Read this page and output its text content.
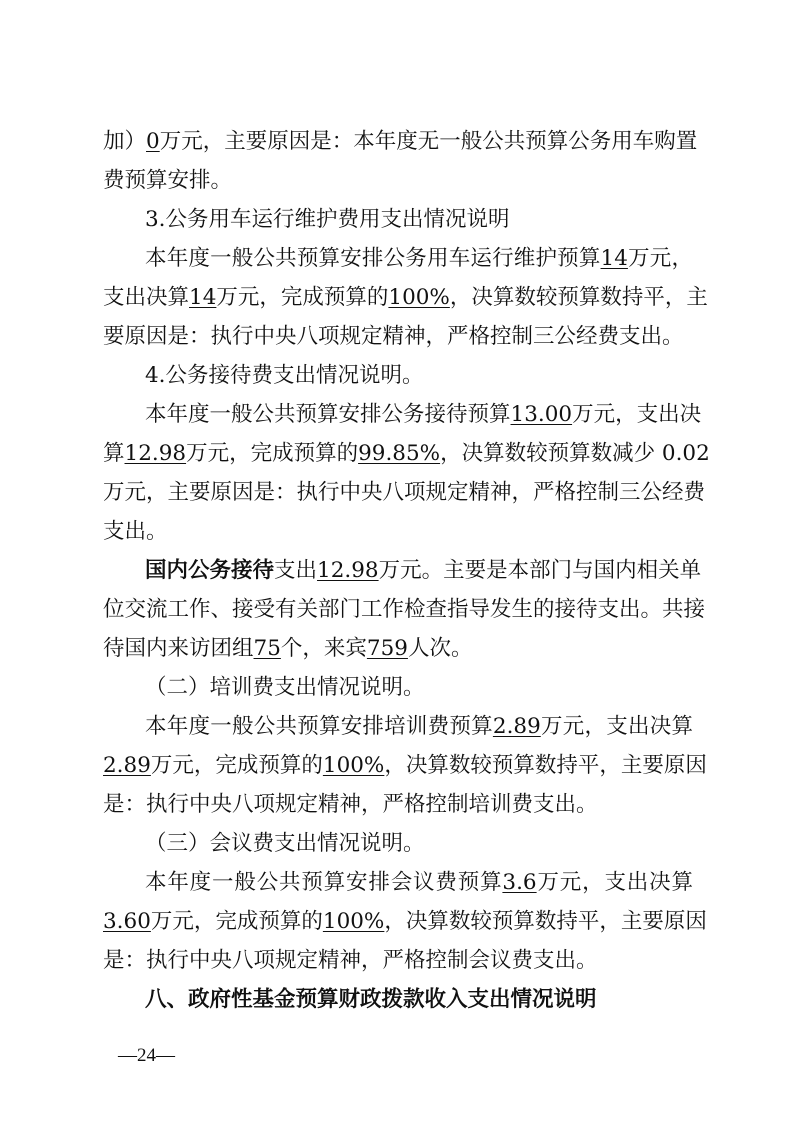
加）0万元，主要原因是：本年度无一般公共预算公务用车购置
费预算安排。
3.公务用车运行维护费用支出情况说明
本年度一般公共预算安排公务用车运行维护预算14万元，
支出决算14万元，完成预算的100%，决算数较预算数持平，主
要原因是：执行中央八项规定精神，严格控制三公经费支出。
4.公务接待费支出情况说明。
本年度一般公共预算安排公务接待预算13.00万元，支出决
算12.98万元，完成预算的99.85%，决算数较预算数减少 0.02
万元，主要原因是：执行中央八项规定精神，严格控制三公经费
支出。
国内公务接待支出12.98万元。主要是本部门与国内相关单
位交流工作、接受有关部门工作检查指导发生的接待支出。共接
待国内来访团组75个，来宾759人次。
（二）培训费支出情况说明。
本年度一般公共预算安排培训费预算2.89万元，支出决算
2.89万元，完成预算的100%，决算数较预算数持平，主要原因
是：执行中央八项规定精神，严格控制培训费支出。
（三）会议费支出情况说明。
本年度一般公共预算安排会议费预算3.6万元，支出决算
3.60万元，完成预算的100%，决算数较预算数持平，主要原因
是：执行中央八项规定精神，严格控制会议费支出。
八、政府性基金预算财政拨款收入支出情况说明
—24—
